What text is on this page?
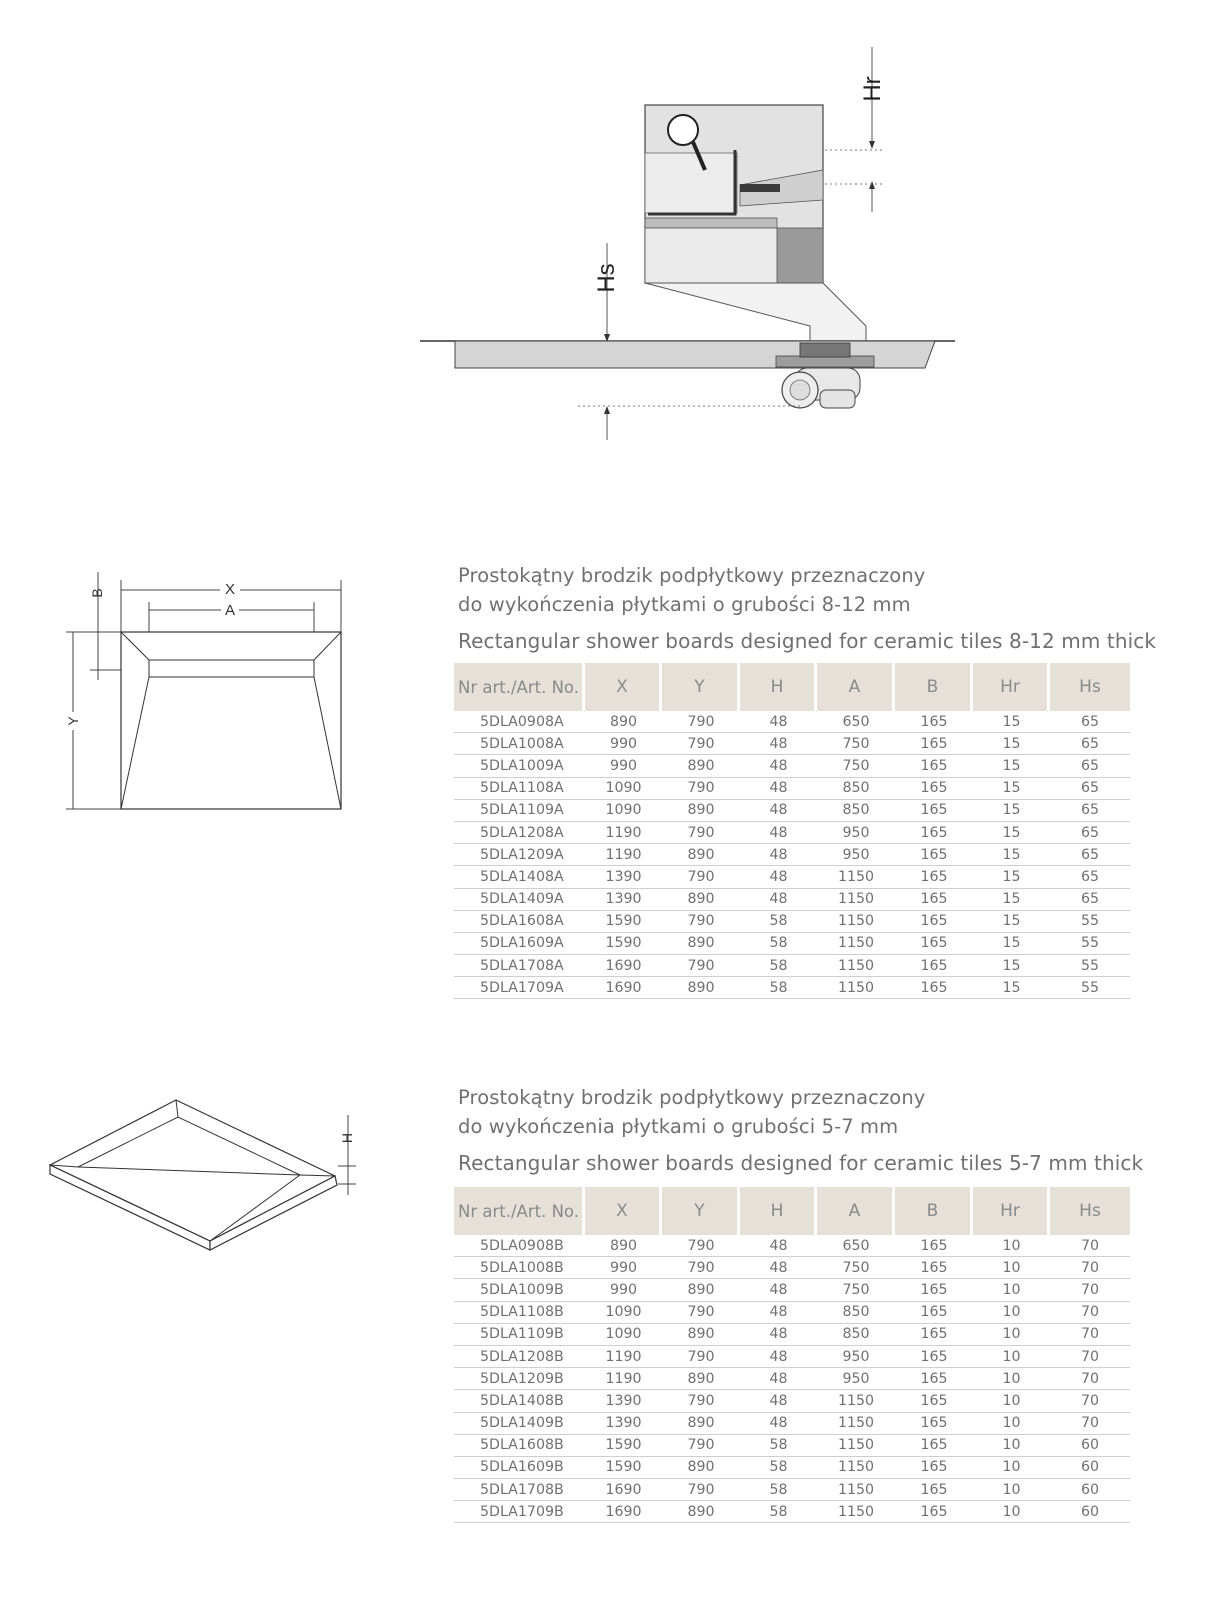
Hr
Hs
X
A
B
Y
H
Prostokątny brodzik podpłytkowy przeznaczony
do wykończenia płytkami o grubości 8-12 mm
Rectangular shower boards designed for ceramic tiles 8-12 mm thick
Nr art./Art. No.	X	Y	H	A	B	Hr	Hs
5DLA0908A	890	790	48	650	165	15	65
5DLA1008A	990	790	48	750	165	15	65
5DLA1009A	990	890	48	750	165	15	65
5DLA1108A	1090	790	48	850	165	15	65
5DLA1109A	1090	890	48	850	165	15	65
5DLA1208A	1190	790	48	950	165	15	65
5DLA1209A	1190	890	48	950	165	15	65
5DLA1408A	1390	790	48	1150	165	15	65
5DLA1409A	1390	890	48	1150	165	15	65
5DLA1608A	1590	790	58	1150	165	15	55
5DLA1609A	1590	890	58	1150	165	15	55
5DLA1708A	1690	790	58	1150	165	15	55
5DLA1709A	1690	890	58	1150	165	15	55
Prostokątny brodzik podpłytkowy przeznaczony
do wykończenia płytkami o grubości 5-7 mm
Rectangular shower boards designed for ceramic tiles 5-7 mm thick
Nr art./Art. No.	X	Y	H	A	B	Hr	Hs
5DLA0908B	890	790	48	650	165	10	70
5DLA1008B	990	790	48	750	165	10	70
5DLA1009B	990	890	48	750	165	10	70
5DLA1108B	1090	790	48	850	165	10	70
5DLA1109B	1090	890	48	850	165	10	70
5DLA1208B	1190	790	48	950	165	10	70
5DLA1209B	1190	890	48	950	165	10	70
5DLA1408B	1390	790	48	1150	165	10	70
5DLA1409B	1390	890	48	1150	165	10	70
5DLA1608B	1590	790	58	1150	165	10	60
5DLA1609B	1590	890	58	1150	165	10	60
5DLA1708B	1690	790	58	1150	165	10	60
5DLA1709B	1690	890	58	1150	165	10	60
